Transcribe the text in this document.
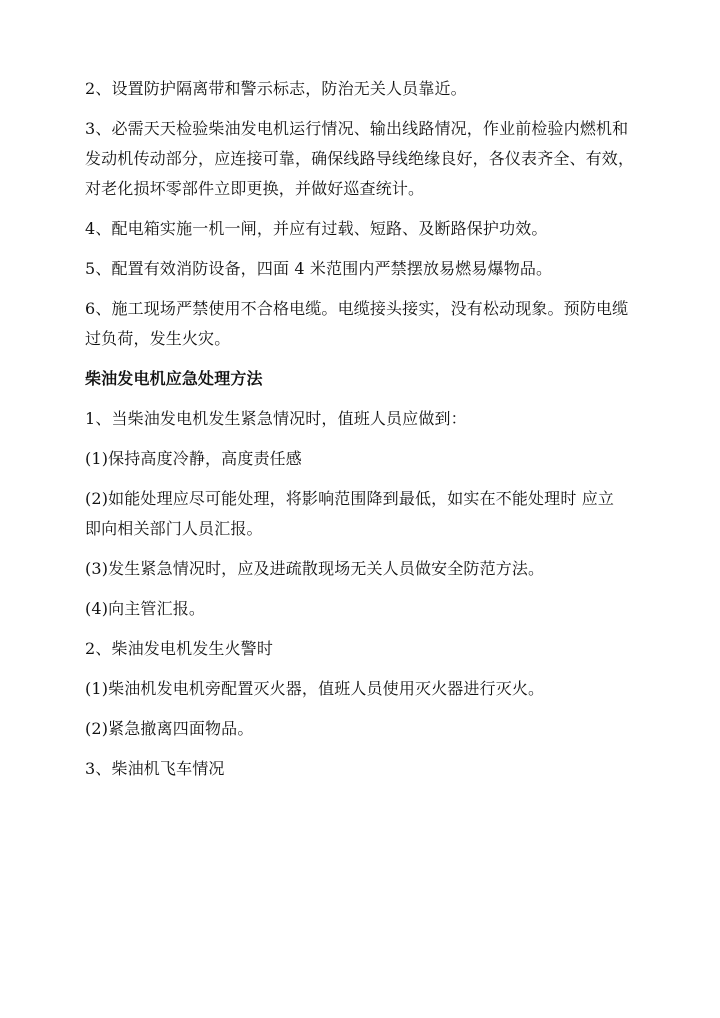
2、设置防护隔离带和警示标志，防治无关人员靠近。

3、必需天天检验柴油发电机运行情况、输出线路情况，作业前检验内燃机和
发动机传动部分，应连接可靠，确保线路导线绝缘良好，各仪表齐全、有效，
对老化损坏零部件立即更换，并做好巡查统计。

4、配电箱实施一机一闸，并应有过载、短路、及断路保护功效。

5、配置有效消防设备，四面 4 米范围内严禁摆放易燃易爆物品。

6、施工现场严禁使用不合格电缆。电缆接头接实，没有松动现象。预防电缆
过负荷，发生火灾。

柴油发电机应急处理方法

1、当柴油发电机发生紧急情况时，值班人员应做到：

(1)保持高度冷静，高度责任感

(2)如能处理应尽可能处理，将影响范围降到最低，如实在不能处理时 应立
即向相关部门人员汇报。

(3)发生紧急情况时，应及进疏散现场无关人员做安全防范方法。

(4)向主管汇报。

2、柴油发电机发生火警时

(1)柴油机发电机旁配置灭火器，值班人员使用灭火器进行灭火。

(2)紧急撤离四面物品。

3、柴油机飞车情况
